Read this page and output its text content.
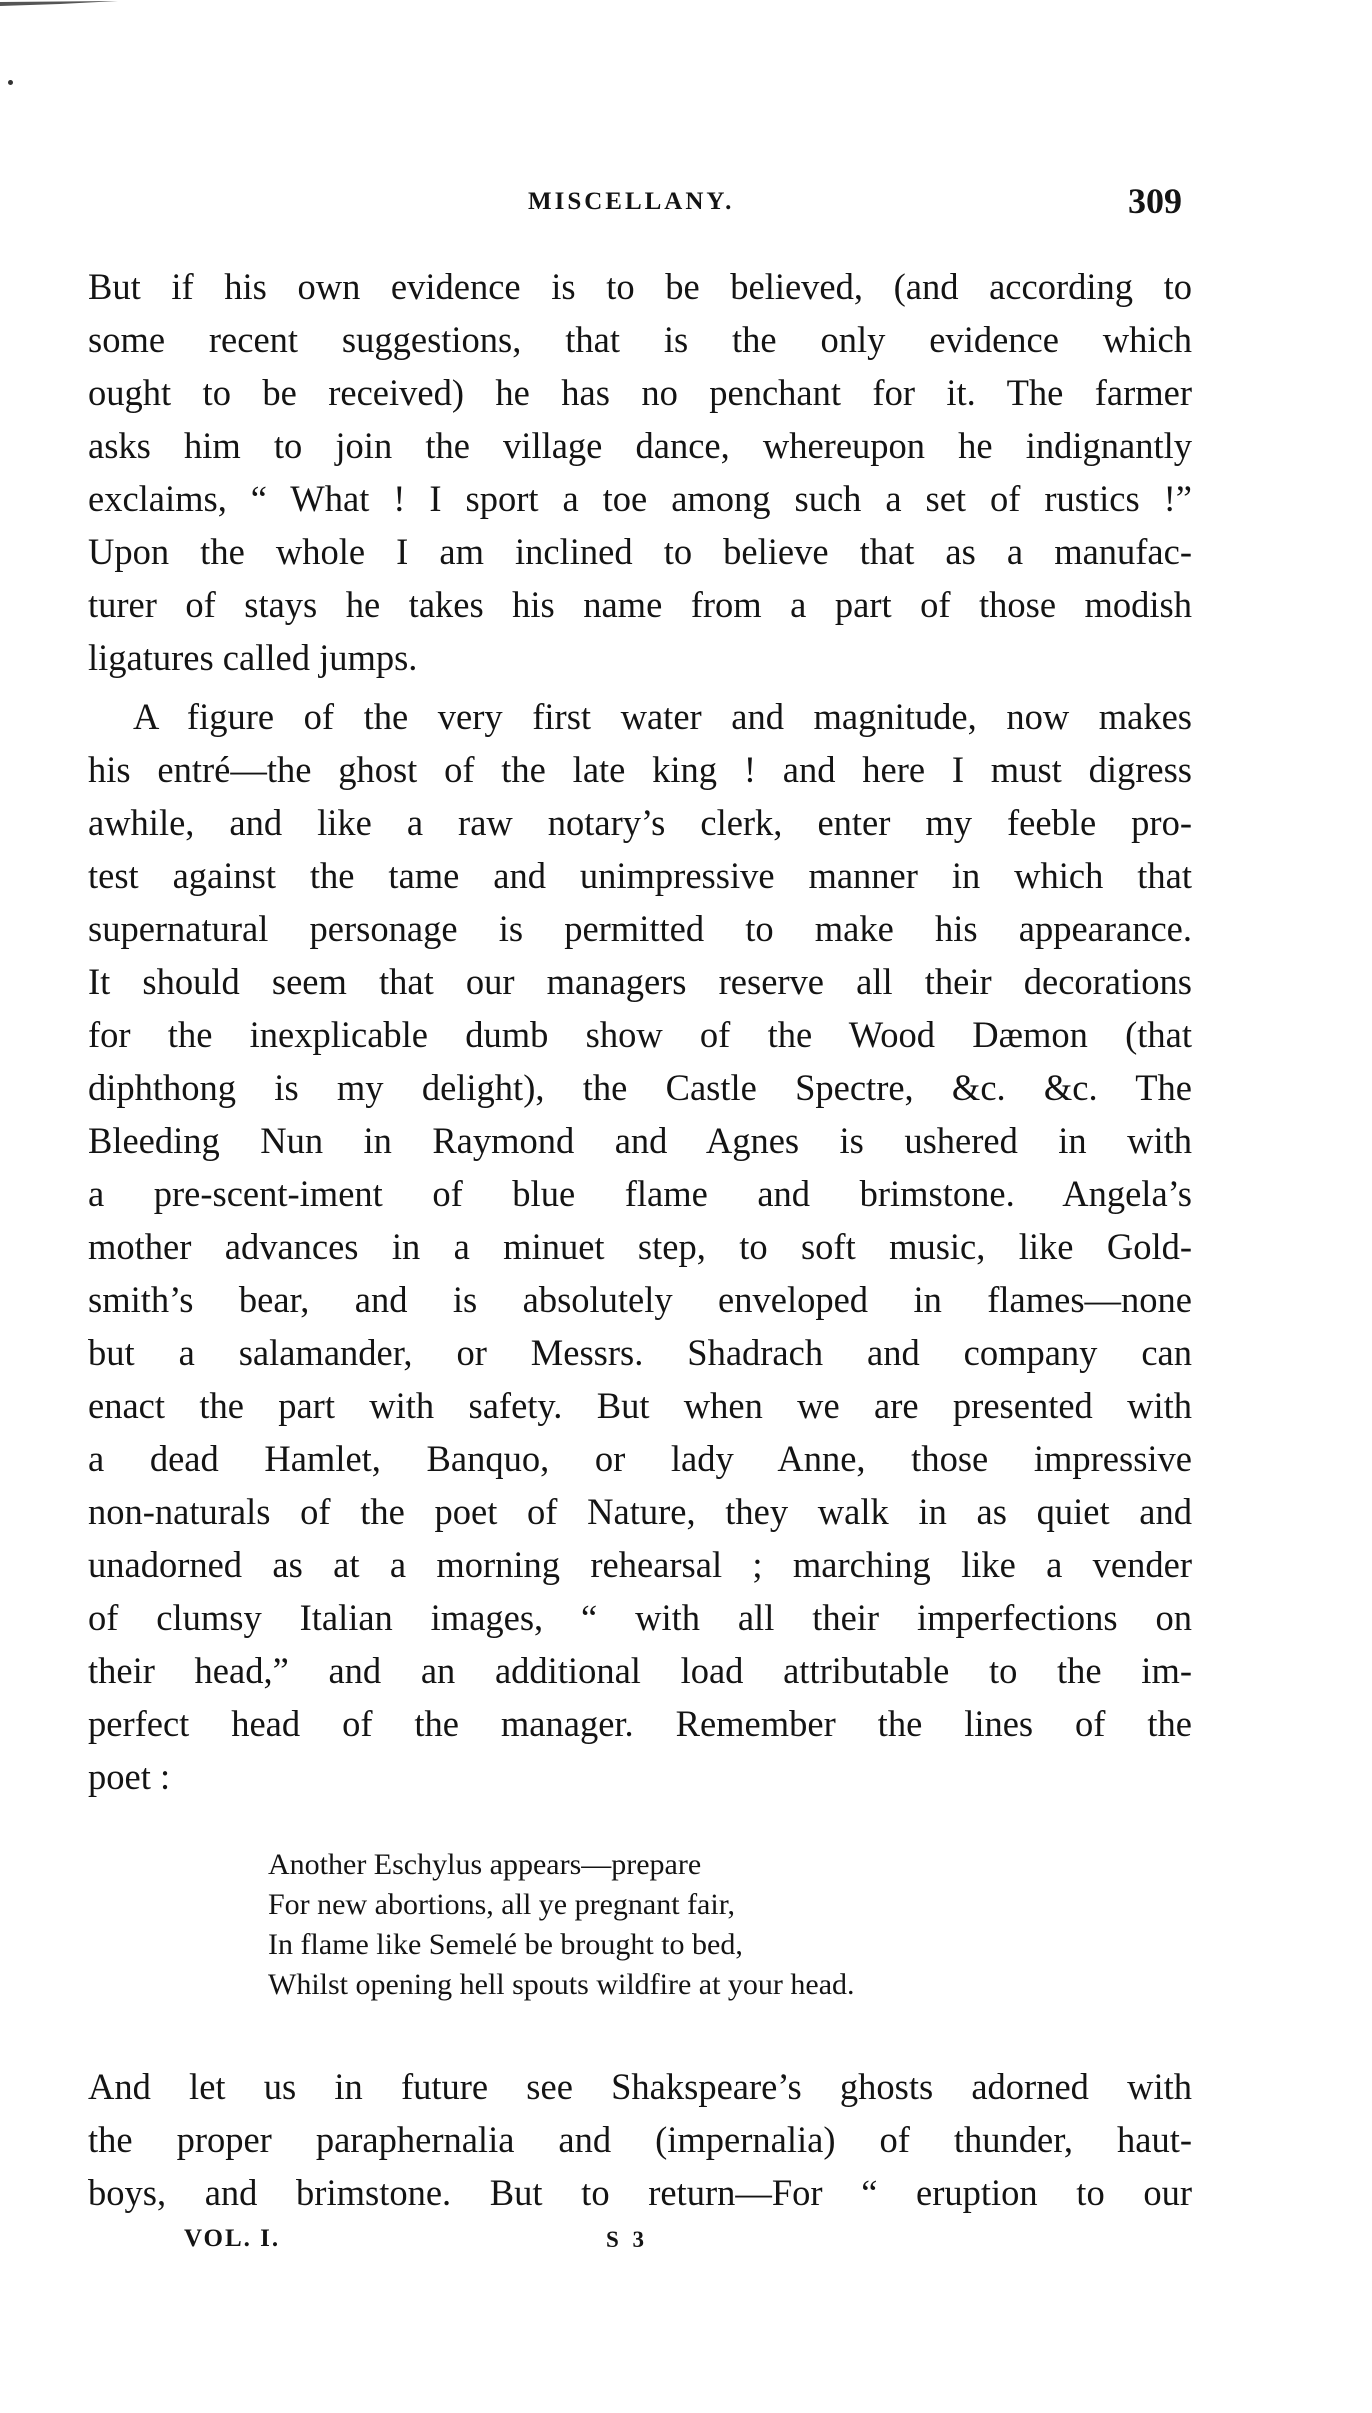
MISCELLANY.	309
But if his own evidence is to be believed, (and according to
some recent suggestions, that is the only evidence which
ought to be received) he has no penchant for it. The farmer
asks him to join the village dance, whereupon he indignantly
exclaims, “ What ! I sport a toe among such a set of rustics !”
Upon the whole I am inclined to believe that as a manufac-
turer of stays he takes his name from a part of those modish
ligatures called jumps.
A figure of the very first water and magnitude, now makes
his entré—the ghost of the late king ! and here I must digress
awhile, and like a raw notary’s clerk, enter my feeble pro-
test against the tame and unimpressive manner in which that
supernatural personage is permitted to make his appearance.
It should seem that our managers reserve all their decorations
for the inexplicable dumb show of the Wood Dæmon (that
diphthong is my delight), the Castle Spectre, &c. &c. The
Bleeding Nun in Raymond and Agnes is ushered in with
a pre-scent-iment of blue flame and brimstone. Angela’s
mother advances in a minuet step, to soft music, like Gold-
smith’s bear, and is absolutely enveloped in flames—none
but a salamander, or Messrs. Shadrach and company can
enact the part with safety. But when we are presented with
a dead Hamlet, Banquo, or lady Anne, those impressive
non-naturals of the poet of Nature, they walk in as quiet and
unadorned as at a morning rehearsal ; marching like a vender
of clumsy Italian images, “ with all their imperfections on
their head,” and an additional load attributable to the im-
perfect head of the manager. Remember the lines of the
poet :
Another Eschylus appears—prepare
For new abortions, all ye pregnant fair,
In flame like Semelé be brought to bed,
Whilst opening hell spouts wildfire at your head.
And let us in future see Shakspeare’s ghosts adorned with
the proper paraphernalia and (impernalia) of thunder, haut-
boys, and brimstone. But to return—For “ eruption to our
VOL. I.	S 3
